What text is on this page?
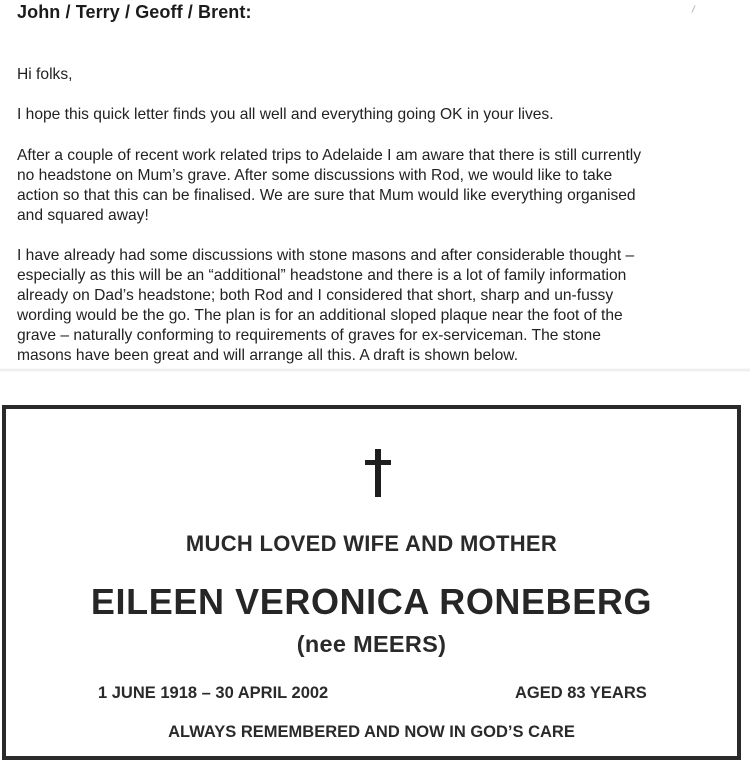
John / Terry / Geoff / Brent:

Hi folks,

I hope this quick letter finds you all well and everything going OK in your lives.

After a couple of recent work related trips to Adelaide I am aware that there is still currently
no headstone on Mum’s grave. After some discussions with Rod, we would like to take
action so that this can be finalised. We are sure that Mum would like everything organised
and squared away!

I have already had some discussions with stone masons and after considerable thought –
especially as this will be an “additional” headstone and there is a lot of family information
already on Dad’s headstone; both Rod and I considered that short, sharp and un-fussy
wording would be the go. The plan is for an additional sloped plaque near the foot of the
grave – naturally conforming to requirements of graves for ex-serviceman. The stone
masons have been great and will arrange all this. A draft is shown below.

MUCH LOVED WIFE AND MOTHER
EILEEN VERONICA RONEBERG
(nee MEERS)
1 JUNE 1918 – 30 APRIL 2002	AGED 83 YEARS
ALWAYS REMEMBERED AND NOW IN GOD’S CARE
